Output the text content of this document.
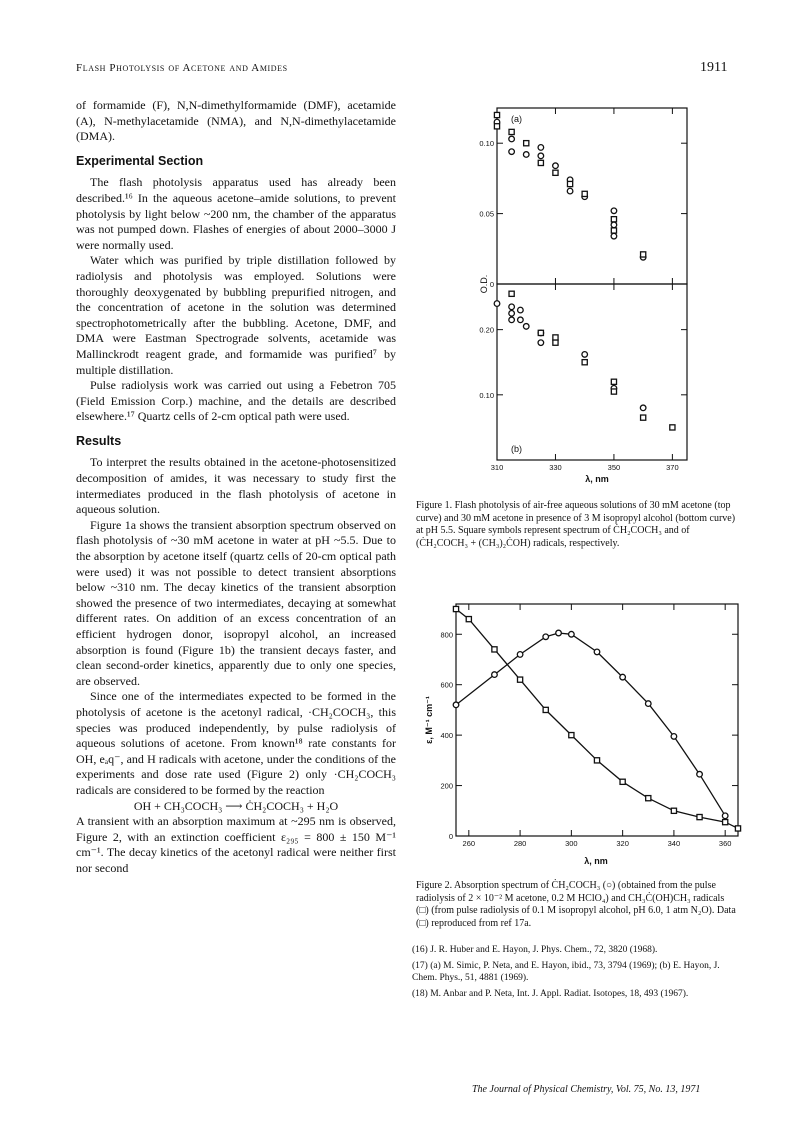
Flash Photolysis of Acetone and Amides	1911

of formamide (F), N,N-dimethylformamide (DMF), acetamide (A), N-methylacetamide (NMA), and N,N-dimethylacetamide (DMA).

Experimental Section

The flash photolysis apparatus used has already been described.¹⁶ In the aqueous acetone–amide solutions, to prevent photolysis by light below ~200 nm, the chamber of the apparatus was not pumped down. Flashes of energies of about 2000–3000 J were normally used.

Water which was purified by triple distillation followed by radiolysis and photolysis was employed. Solutions were thoroughly deoxygenated by bubbling prepurified nitrogen, and the concentration of acetone in the solution was determined spectrophotometrically after the bubbling. Acetone, DMF, and DMA were Eastman Spectrograde solvents, acetamide was Mallinckrodt reagent grade, and formamide was purified⁷ by multiple distillation.

Pulse radiolysis work was carried out using a Febetron 705 (Field Emission Corp.) machine, and the details are described elsewhere.¹⁷ Quartz cells of 2-cm optical path were used.

Results

To interpret the results obtained in the acetone-photosensitized decomposition of amides, it was necessary to study first the intermediates produced in the flash photolysis of acetone in aqueous solution.

Figure 1a shows the transient absorption spectrum observed on flash photolysis of ~30 mM acetone in water at pH ~5.5. Due to the absorption by acetone itself (quartz cells of 20-cm optical path were used) it was not possible to detect transient absorptions below ~310 nm. The decay kinetics of the transient absorption showed the presence of two intermediates, decaying at somewhat different rates. On addition of an excess concentration of an efficient hydrogen donor, isopropyl alcohol, an increased absorption is found (Figure 1b) the transient decays faster, and clean second-order kinetics, apparently due to only one species, are observed.

Since one of the intermediates expected to be formed in the photolysis of acetone is the acetonyl radical, ·CH₂COCH₃, this species was produced independently, by pulse radiolysis of aqueous solutions of acetone. From known¹⁸ rate constants for OH, eₐq⁻, and H radicals with acetone, under the conditions of the experiments and dose rate used (Figure 2) only ·CH₂COCH₃ radicals are considered to be formed by the reaction

OH + CH₃COCH₃ ⟶ ĊH₂COCH₃ + H₂O

A transient with an absorption maximum at ~295 nm is observed, Figure 2, with an extinction coefficient ε₂₉₅ = 800 ± 150 M⁻¹ cm⁻¹. The decay kinetics of the acetonyl radical were neither first nor second

0
0.05
0.10
(a)
0.10
0.20
310	330	350	370
(b)
O.D.
λ, nm
Figure 1. Flash photolysis of air-free aqueous solutions of 30 mM acetone (top curve) and 30 mM acetone in presence of 3 M isopropyl alcohol (bottom curve) at pH 5.5. Square symbols represent spectrum of ĊH₂COCH₃ and of (ĊH₂COCH₃ + (CH₃)₂ĊOH) radicals, respectively.
0
200
400
600
800
260	280	300	320	340	360
ε, M⁻¹ cm⁻¹
λ, nm
Figure 2. Absorption spectrum of ĊH₂COCH₃ (○) (obtained from the pulse radiolysis of 2 × 10⁻² M acetone, 0.2 M HClO₄) and CH₃Ċ(OH)CH₃ radicals (□) (from pulse radiolysis of 0.1 M isopropyl alcohol, pH 6.0, 1 atm N₂O). Data (□) reproduced from ref 17a.
(16) J. R. Huber and E. Hayon, J. Phys. Chem., 72, 3820 (1968).
(17) (a) M. Simic, P. Neta, and E. Hayon, ibid., 73, 3794 (1969); (b) E. Hayon, J. Chem. Phys., 51, 4881 (1969).
(18) M. Anbar and P. Neta, Int. J. Appl. Radiat. Isotopes, 18, 493 (1967).
The Journal of Physical Chemistry, Vol. 75, No. 13, 1971
